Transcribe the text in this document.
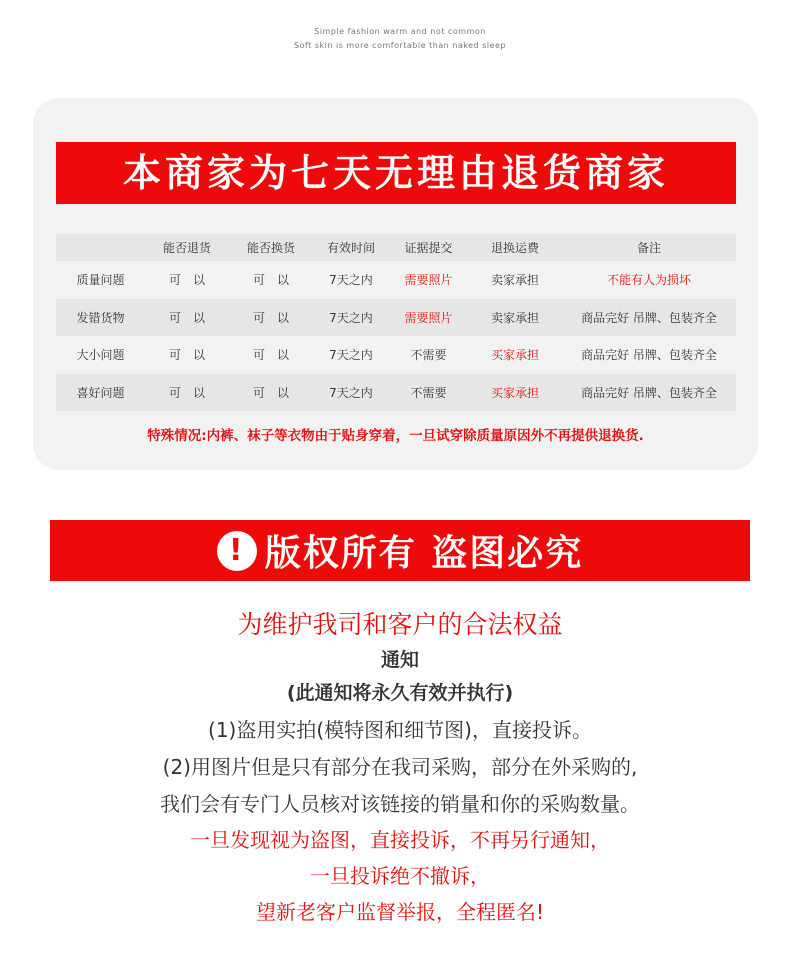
Simple fashion warm and not common
Soft skin is more comfortable than naked sleep
本商家为七天无理由退货商家
	能否退货	能否换货	有效时间	证据提交	退换运费	备注
质量问题	可　以	可　以	7天之内	需要照片	卖家承担	不能有人为损坏
发错货物	可　以	可　以	7天之内	需要照片	卖家承担	商品完好 吊牌、包装齐全
大小问题	可　以	可　以	7天之内	不需要	买家承担	商品完好 吊牌、包装齐全
喜好问题	可　以	可　以	7天之内	不需要	买家承担	商品完好 吊牌、包装齐全
特殊情况:内裤、袜子等衣物由于贴身穿着，一旦试穿除质量原因外不再提供退换货.
! 版权所有 盗图必究
为维护我司和客户的合法权益
通知
(此通知将永久有效并执行)
(1)盗用实拍(模特图和细节图)，直接投诉。
(2)用图片但是只有部分在我司采购，部分在外采购的,
我们会有专门人员核对该链接的销量和你的采购数量。
一旦发现视为盗图，直接投诉，不再另行通知，
一旦投诉绝不撤诉，
望新老客户监督举报，全程匿名!
